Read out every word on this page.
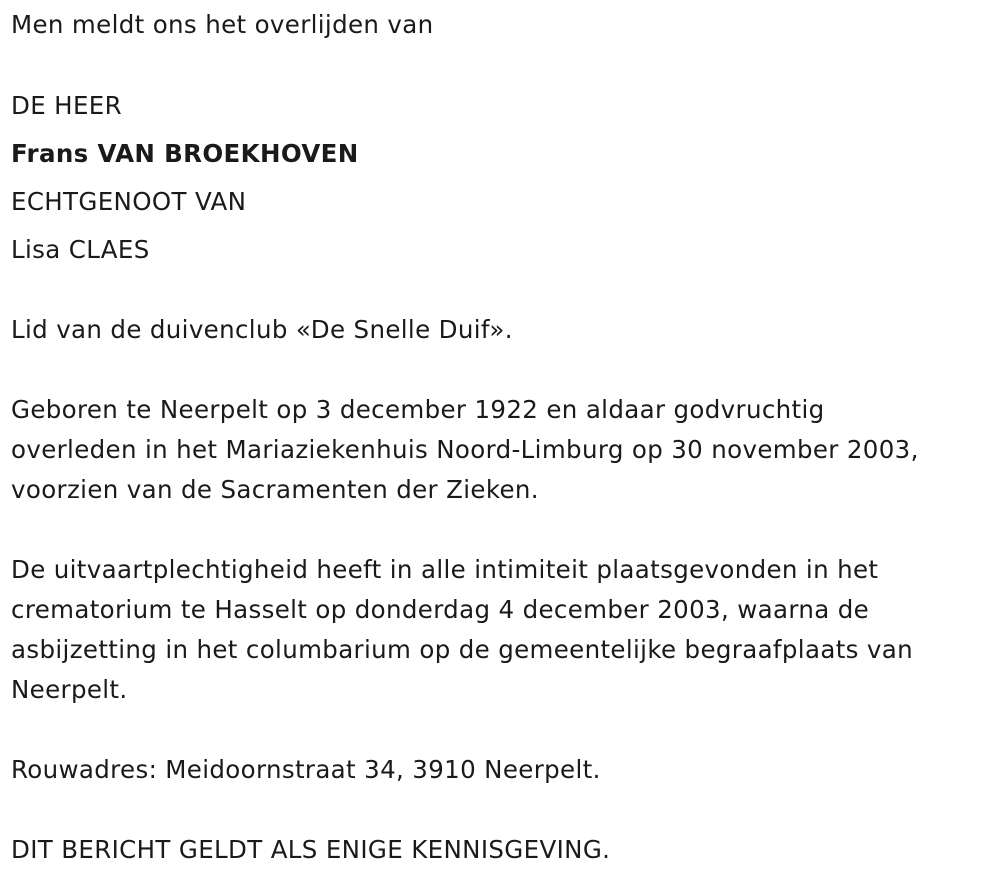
Men meldt ons het overlijden van
DE HEER
Frans VAN BROEKHOVEN
ECHTGENOOT VAN
Lisa CLAES
Lid van de duivenclub «De Snelle Duif».
Geboren te Neerpelt op 3 december 1922 en aldaar godvruchtig
overleden in het Mariaziekenhuis Noord-Limburg op 30 november 2003,
voorzien van de Sacramenten der Zieken.
De uitvaartplechtigheid heeft in alle intimiteit plaatsgevonden in het
crematorium te Hasselt op donderdag 4 december 2003, waarna de
asbijzetting in het columbarium op de gemeentelijke begraafplaats van
Neerpelt.
Rouwadres: Meidoornstraat 34, 3910 Neerpelt.
DIT BERICHT GELDT ALS ENIGE KENNISGEVING.
